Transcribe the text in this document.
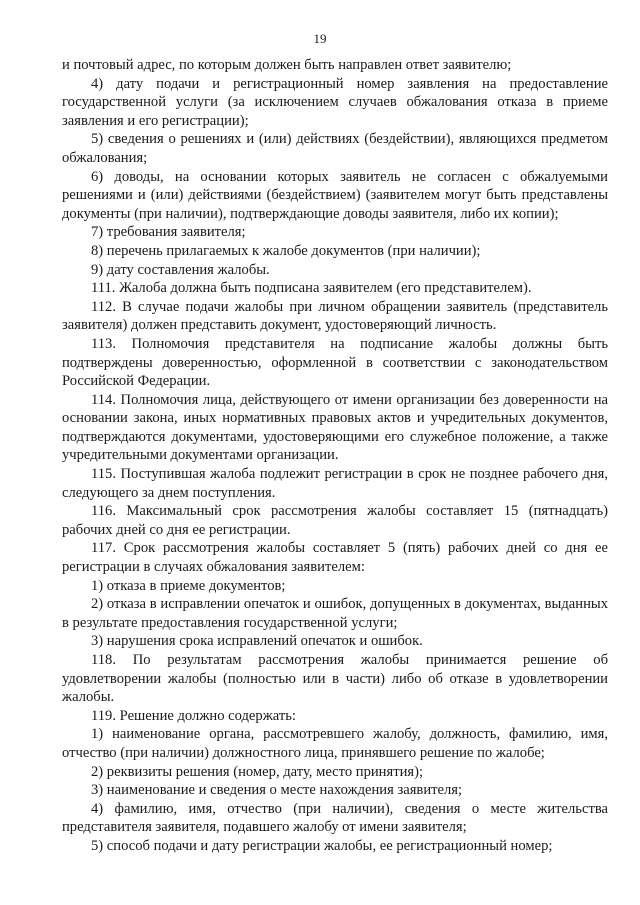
19

и почтовый адрес, по которым должен быть направлен ответ заявителю;

4) дату подачи и регистрационный номер заявления на предоставление государственной услуги (за исключением случаев обжалования отказа в приеме заявления и его регистрации);

5) сведения о решениях и (или) действиях (бездействии), являющихся предметом обжалования;

6) доводы, на основании которых заявитель не согласен с обжалуемыми решениями и (или) действиями (бездействием) (заявителем могут быть представлены документы (при наличии), подтверждающие доводы заявителя, либо их копии);

7) требования заявителя;

8) перечень прилагаемых к жалобе документов (при наличии);

9) дату составления жалобы.

111. Жалоба должна быть подписана заявителем (его представителем).

112. В случае подачи жалобы при личном обращении заявитель (представитель заявителя) должен представить документ, удостоверяющий личность.

113. Полномочия представителя на подписание жалобы должны быть подтверждены доверенностью, оформленной в соответствии с законодательством Российской Федерации.

114. Полномочия лица, действующего от имени организации без доверенности на основании закона, иных нормативных правовых актов и учредительных документов, подтверждаются документами, удостоверяющими его служебное положение, а также учредительными документами организации.

115. Поступившая жалоба подлежит регистрации в срок не позднее рабочего дня, следующего за днем поступления.

116. Максимальный срок рассмотрения жалобы составляет 15 (пятнадцать) рабочих дней со дня ее регистрации.

117. Срок рассмотрения жалобы составляет 5 (пять) рабочих дней со дня ее регистрации в случаях обжалования заявителем:

1) отказа в приеме документов;

2) отказа в исправлении опечаток и ошибок, допущенных в документах, выданных в результате предоставления государственной услуги;

3) нарушения срока исправлений опечаток и ошибок.

118. По результатам рассмотрения жалобы принимается решение об удовлетворении жалобы (полностью или в части) либо об отказе в удовлетворении жалобы.

119. Решение должно содержать:

1) наименование органа, рассмотревшего жалобу, должность, фамилию, имя, отчество (при наличии) должностного лица, принявшего решение по жалобе;

2) реквизиты решения (номер, дату, место принятия);

3) наименование и сведения о месте нахождения заявителя;

4) фамилию, имя, отчество (при наличии), сведения о месте жительства представителя заявителя, подавшего жалобу от имени заявителя;

5) способ подачи и дату регистрации жалобы, ее регистрационный номер;
